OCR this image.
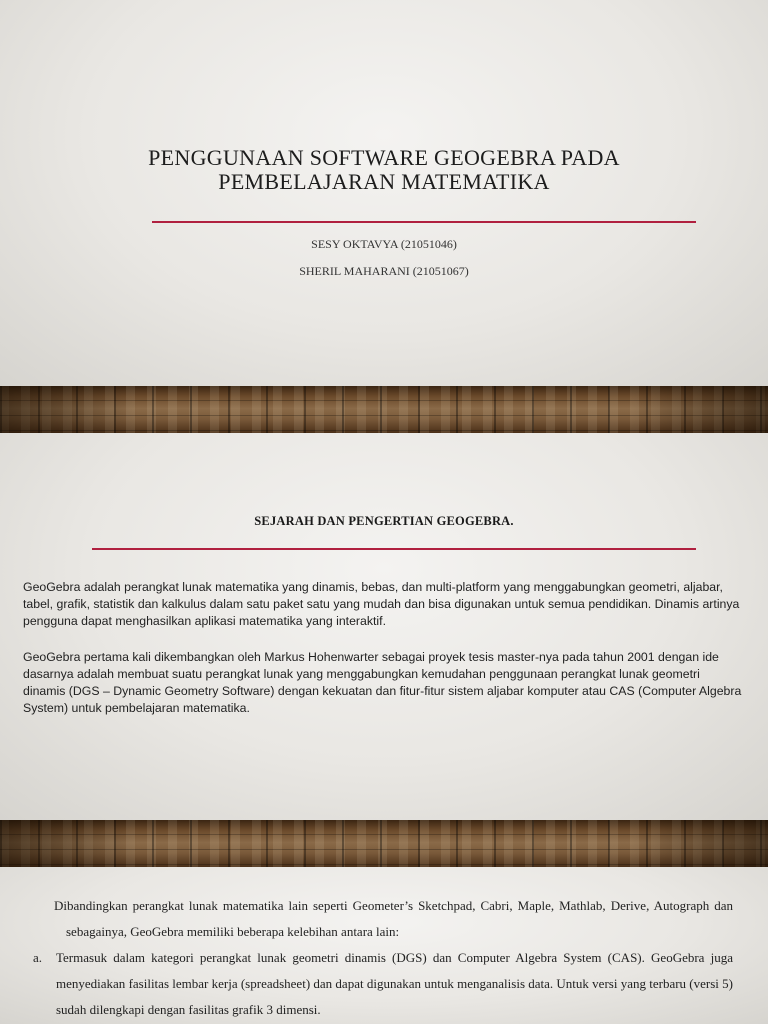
PENGGUNAAN SOFTWARE GEOGEBRA PADA
PEMBELAJARAN MATEMATIKA
SESY OKTAVYA (21051046)
SHERIL MAHARANI (21051067)
SEJARAH DAN PENGERTIAN GEOGEBRA.

GeoGebra adalah perangkat lunak matematika yang dinamis, bebas, dan multi-platform yang menggabungkan geometri, aljabar, tabel, grafik, statistik dan kalkulus dalam satu paket satu yang mudah dan bisa digunakan untuk semua pendidikan. Dinamis artinya pengguna dapat menghasilkan aplikasi matematika yang interaktif.

GeoGebra pertama kali dikembangkan oleh Markus Hohenwarter sebagai proyek tesis master-nya pada tahun 2001 dengan ide dasarnya adalah membuat suatu perangkat lunak yang menggabungkan kemudahan penggunaan perangkat lunak geometri dinamis (DGS – Dynamic Geometry Software) dengan kekuatan dan fitur-fitur sistem aljabar komputer atau CAS (Computer Algebra System) untuk pembelajaran matematika.

Dibandingkan perangkat lunak matematika lain seperti Geometer’s Sketchpad, Cabri, Maple, Mathlab, Derive, Autograph dan sebagainya, GeoGebra memiliki beberapa kelebihan antara lain:

a. Termasuk dalam kategori perangkat lunak geometri dinamis (DGS) dan Computer Algebra System (CAS). GeoGebra juga menyediakan fasilitas lembar kerja (spreadsheet) dan dapat digunakan untuk menganalisis data. Untuk versi yang terbaru (versi 5) sudah dilengkapi dengan fasilitas grafik 3 dimensi.
